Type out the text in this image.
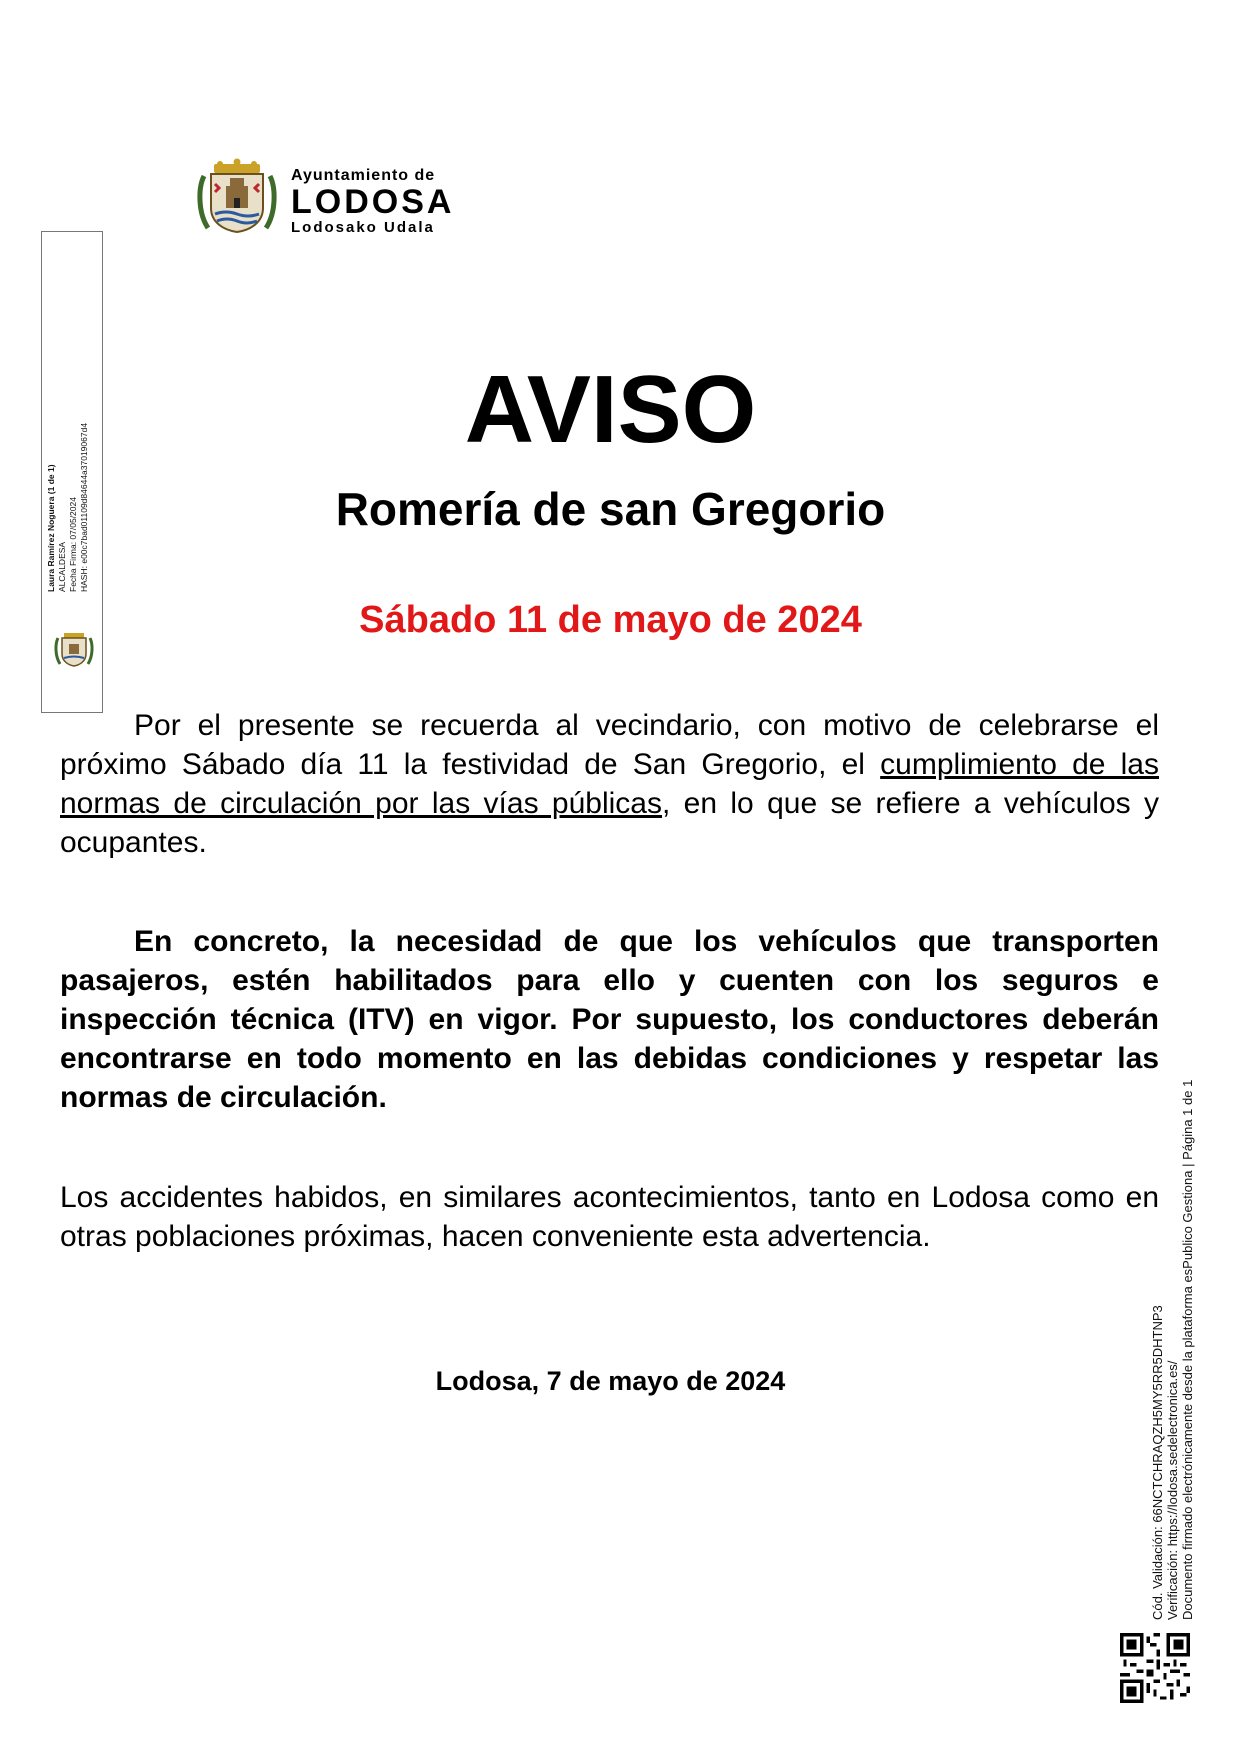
Ayuntamiento de
LODOSA
Lodosako Udala
Laura Ramírez Noguera (1 de 1) ALCALDESA Fecha Firma: 07/05/2024 HASH: e00c7bad01109d84644a37019067d4
AVISO
Romería de san Gregorio
Sábado 11 de mayo de 2024

Por el presente se recuerda al vecindario, con motivo de celebrarse el próximo Sábado día 11 la festividad de San Gregorio, el cumplimiento de las normas de circulación por las vías públicas, en lo que se refiere a vehículos y ocupantes.

En concreto, la necesidad de que los vehículos que transporten pasajeros, estén habilitados para ello y cuenten con los seguros e inspección técnica (ITV) en vigor. Por supuesto, los conductores deberán encontrarse en todo momento en las debidas condiciones y respetar las normas de circulación.

Los accidentes habidos, en similares acontecimientos, tanto en Lodosa como en otras poblaciones próximas, hacen conveniente esta advertencia.

Lodosa, 7 de mayo de 2024	Cód. Validación: 66NCTCHRAQZH5MY5RR5DHTNP3 Verificación: https://lodosa.sedelectronica.es/ Documento firmado electrónicamente desde la plataforma esPublico Gestiona | Página 1 de 1
